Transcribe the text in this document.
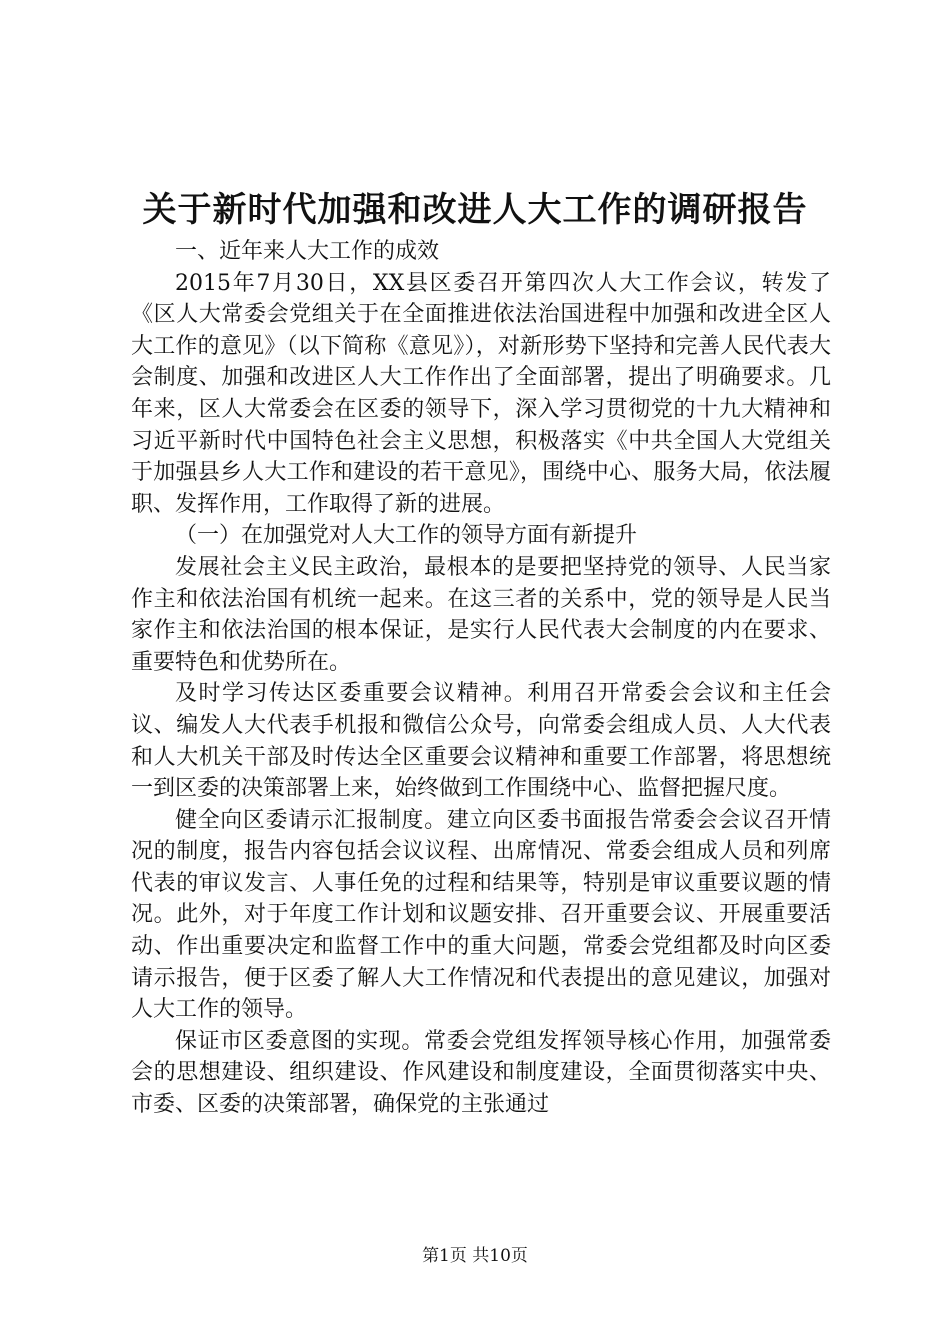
关于新时代加强和改进人大工作的调研报告

一、近年来人大工作的成效

2015年7月30日，XX县区委召开第四次人大工作会议，转发了《区人大常委会党组关于在全面推进依法治国进程中加强和改进全区人大工作的意见》（以下简称《意见》），对新形势下坚持和完善人民代表大会制度、加强和改进区人大工作作出了全面部署，提出了明确要求。几年来，区人大常委会在区委的领导下，深入学习贯彻党的十九大精神和习近平新时代中国特色社会主义思想，积极落实《中共全国人大党组关于加强县乡人大工作和建设的若干意见》，围绕中心、服务大局，依法履职、发挥作用，工作取得了新的进展。

（一）在加强党对人大工作的领导方面有新提升

发展社会主义民主政治，最根本的是要把坚持党的领导、人民当家作主和依法治国有机统一起来。在这三者的关系中，党的领导是人民当家作主和依法治国的根本保证，是实行人民代表大会制度的内在要求、重要特色和优势所在。

及时学习传达区委重要会议精神。利用召开常委会会议和主任会议、编发人大代表手机报和微信公众号，向常委会组成人员、人大代表和人大机关干部及时传达全区重要会议精神和重要工作部署，将思想统一到区委的决策部署上来，始终做到工作围绕中心、监督把握尺度。

健全向区委请示汇报制度。建立向区委书面报告常委会会议召开情况的制度，报告内容包括会议议程、出席情况、常委会组成人员和列席代表的审议发言、人事任免的过程和结果等，特别是审议重要议题的情况。此外，对于年度工作计划和议题安排、召开重要会议、开展重要活动、作出重要决定和监督工作中的重大问题，常委会党组都及时向区委请示报告，便于区委了解人大工作情况和代表提出的意见建议，加强对人大工作的领导。

保证市区委意图的实现。常委会党组发挥领导核心作用，加强常委会的思想建设、组织建设、作风建设和制度建设，全面贯彻落实中央、市委、区委的决策部署，确保党的主张通过

第1页 共10页
